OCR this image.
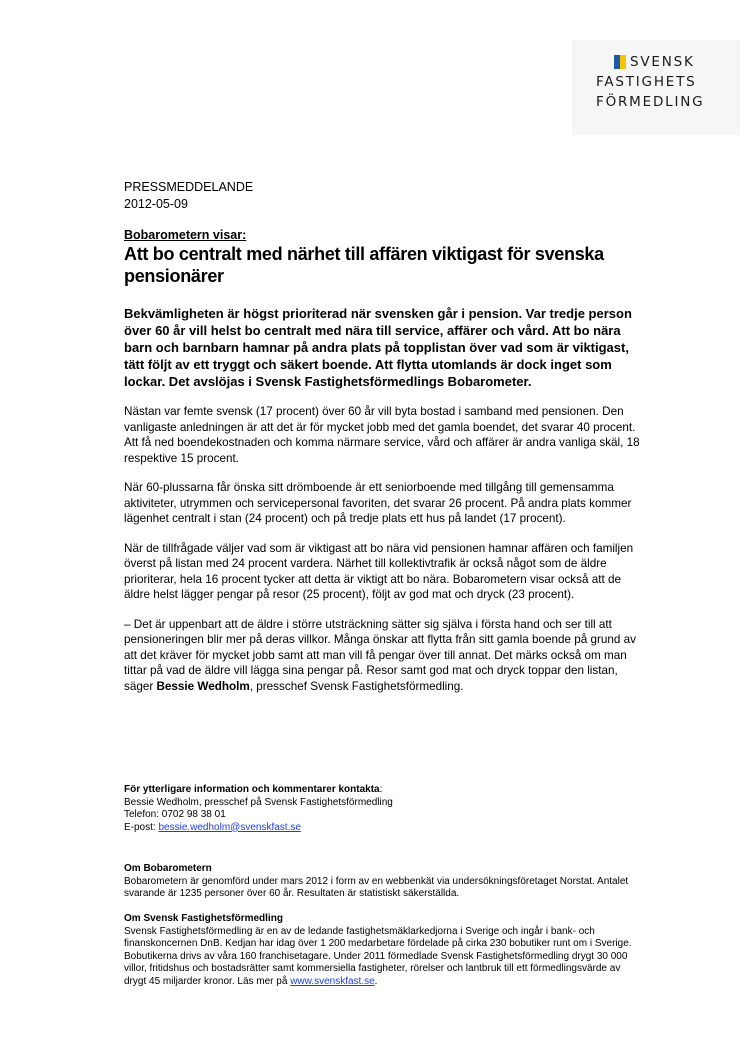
SVENSK
FASTIGHETS
FÖRMEDLING
PRESSMEDDELANDE
2012-05-09
Bobarometern visar:
Att bo centralt med närhet till affären viktigast för svenska pensionärer
Bekvämligheten är högst prioriterad när svensken går i pension. Var tredje person över 60 år vill helst bo centralt med nära till service, affärer och vård. Att bo nära barn och barnbarn hamnar på andra plats på topplistan över vad som är viktigast, tätt följt av ett tryggt och säkert boende. Att flytta utomlands är dock inget som lockar. Det avslöjas i Svensk Fastighetsförmedlings Bobarometer.
Nästan var femte svensk (17 procent) över 60 år vill byta bostad i samband med pensionen. Den vanligaste anledningen är att det är för mycket jobb med det gamla boendet, det svarar 40 procent. Att få ned boendekostnaden och komma närmare service, vård och affärer är andra vanliga skäl, 18 respektive 15 procent.
När 60-plussarna får önska sitt drömboende är ett seniorboende med tillgång till gemensamma aktiviteter, utrymmen och servicepersonal favoriten, det svarar 26 procent. På andra plats kommer lägenhet centralt i stan (24 procent) och på tredje plats ett hus på landet (17 procent).
När de tillfrågade väljer vad som är viktigast att bo nära vid pensionen hamnar affären och familjen överst på listan med 24 procent vardera. Närhet till kollektivtrafik är också något som de äldre prioriterar, hela 16 procent tycker att detta är viktigt att bo nära. Bobarometern visar också att de äldre helst lägger pengar på resor (25 procent), följt av god mat och dryck (23 procent).
– Det är uppenbart att de äldre i större utsträckning sätter sig själva i första hand och ser till att pensioneringen blir mer på deras villkor. Många önskar att flytta från sitt gamla boende på grund av att det kräver för mycket jobb samt att man vill få pengar över till annat. Det märks också om man tittar på vad de äldre vill lägga sina pengar på. Resor samt god mat och dryck toppar den listan, säger Bessie Wedholm, presschef Svensk Fastighetsförmedling.
För ytterligare information och kommentarer kontakta:
Bessie Wedholm, presschef på Svensk Fastighetsförmedling
Telefon: 0702 98 38 01
E-post: bessie.wedholm@svenskfast.se
Om Bobarometern
Bobarometern är genomförd under mars 2012 i form av en webbenkät via undersökningsföretaget Norstat. Antalet svarande är 1235 personer över 60 år. Resultaten är statistiskt säkerställda.
Om Svensk Fastighetsförmedling
Svensk Fastighetsförmedling är en av de ledande fastighetsmäklarkedjorna i Sverige och ingår i bank- och finanskoncernen DnB. Kedjan har idag över 1 200 medarbetare fördelade på cirka 230 bobutiker runt om i Sverige. Bobutikerna drivs av våra 160 franchisetagare. Under 2011 förmedlade Svensk Fastighetsförmedling drygt 30 000 villor, fritidshus och bostadsrätter samt kommersiella fastigheter, rörelser och lantbruk till ett förmedlingsvärde av drygt 45 miljarder kronor. Läs mer på www.svenskfast.se.
